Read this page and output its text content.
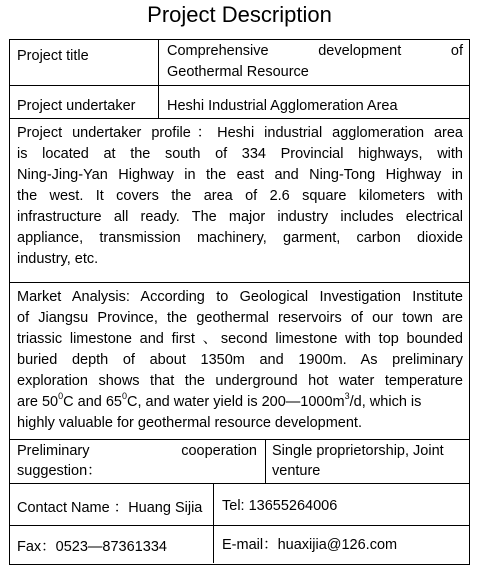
Project Description
Project title	Comprehensive development of
Geothermal Resource
Project undertaker Heshi Industrial Agglomeration Area
Project undertaker profile：Heshi industrial agglomeration area
is located at the south of 334 Provincial highways, with
Ning-Jing-Yan Highway in the east and Ning-Tong Highway in
the west. It covers the area of 2.6 square kilometers with
infrastructure all ready. The major industry includes electrical
appliance, transmission machinery, garment, carbon dioxide
industry, etc.
Market Analysis: According to Geological Investigation Institute
of Jiangsu Province, the geothermal reservoirs of our town are
triassic limestone and first 、second limestone with top bounded
buried depth of about 1350m and 1900m. As preliminary
exploration shows that the underground hot water temperature
are $50^0C$ and $65^0C$, and water yield is $200—1000m^3/d$, which is
highly valuable for geothermal resource development.
Preliminary cooperation
suggestion：
Single proprietorship, Joint
venture
Contact Name ：Huang Sijia Tel: 13655264006
Fax：0523—87361334	E-mail：huaxijia@126.com
